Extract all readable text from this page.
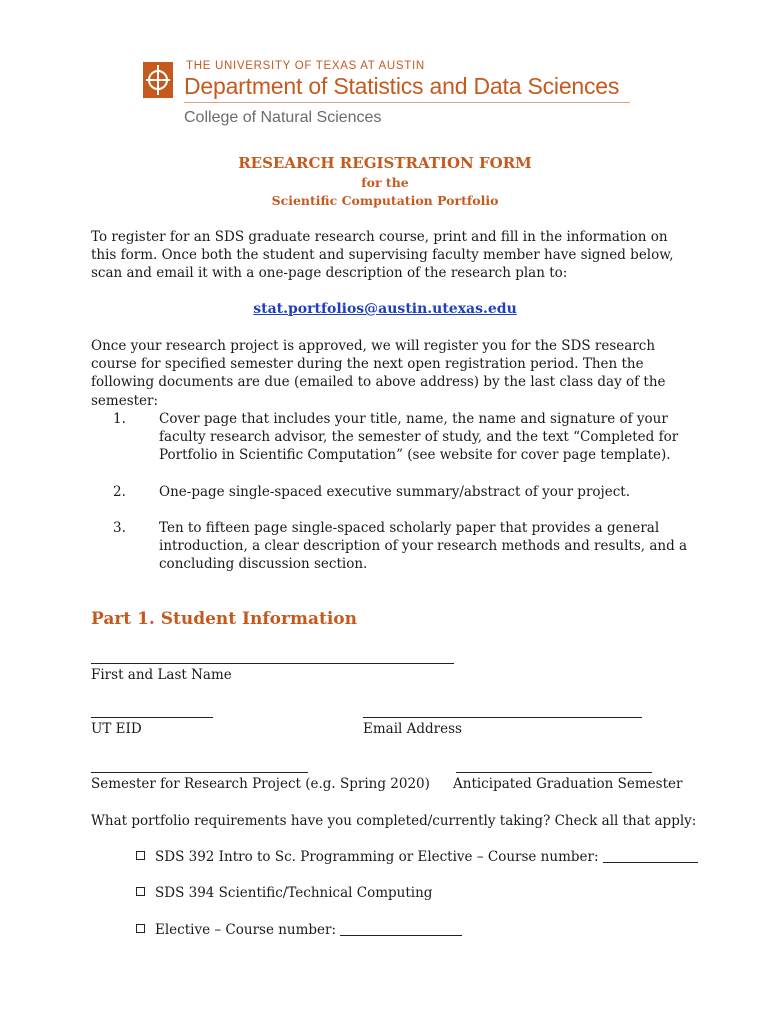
THE UNIVERSITY OF TEXAS AT AUSTIN
Department of Statistics and Data Sciences
College of Natural Sciences
RESEARCH REGISTRATION FORM
for the
Scientific Computation Portfolio
To register for an SDS graduate research course, print and fill in the information on this form. Once both the student and supervising faculty member have signed below, scan and email it with a one-page description of the research plan to:
stat.portfolios@austin.utexas.edu
Once your research project is approved, we will register you for the SDS research course for specified semester during the next open registration period. Then the following documents are due (emailed to above address) by the last class day of the semester:
1. Cover page that includes your title, name, the name and signature of your faculty research advisor, the semester of study, and the text “Completed for Portfolio in Scientific Computation” (see website for cover page template).
2. One-page single-spaced executive summary/abstract of your project.
3. Ten to fifteen page single-spaced scholarly paper that provides a general introduction, a clear description of your research methods and results, and a concluding discussion section.
Part 1. Student Information
First and Last Name
UT EID	Email Address
Semester for Research Project (e.g. Spring 2020) Anticipated Graduation Semester
What portfolio requirements have you completed/currently taking? Check all that apply:
SDS 392 Intro to Sc. Programming or Elective – Course number:
SDS 394 Scientific/Technical Computing
Elective – Course number:
